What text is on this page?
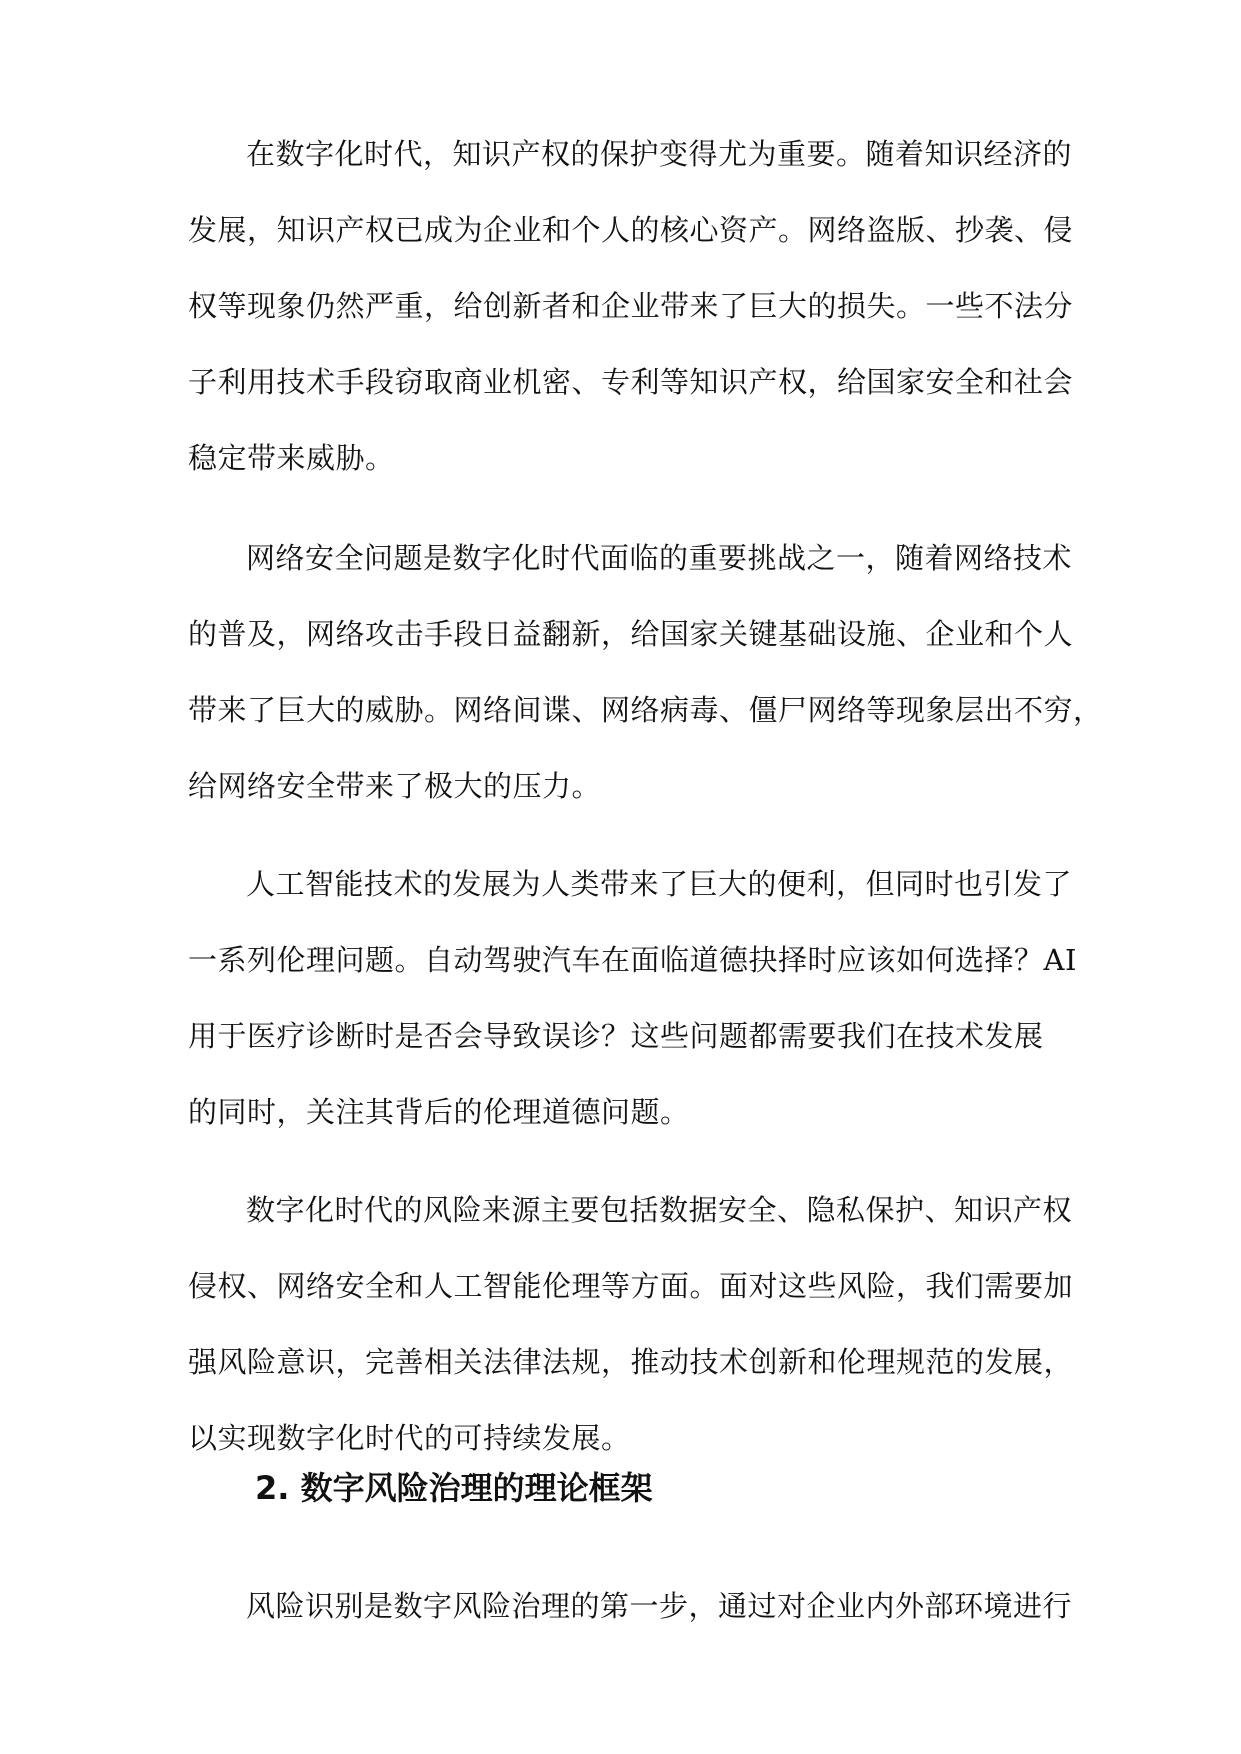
在数字化时代，知识产权的保护变得尤为重要。随着知识经济的
发展，知识产权已成为企业和个人的核心资产。网络盗版、抄袭、侵
权等现象仍然严重，给创新者和企业带来了巨大的损失。一些不法分
子利用技术手段窃取商业机密、专利等知识产权，给国家安全和社会
稳定带来威胁。
网络安全问题是数字化时代面临的重要挑战之一，随着网络技术
的普及，网络攻击手段日益翻新，给国家关键基础设施、企业和个人
带来了巨大的威胁。网络间谍、网络病毒、僵尸网络等现象层出不穷，
给网络安全带来了极大的压力。
人工智能技术的发展为人类带来了巨大的便利，但同时也引发了
一系列伦理问题。自动驾驶汽车在面临道德抉择时应该如何选择？AI
用于医疗诊断时是否会导致误诊？这些问题都需要我们在技术发展
的同时，关注其背后的伦理道德问题。
数字化时代的风险来源主要包括数据安全、隐私保护、知识产权
侵权、网络安全和人工智能伦理等方面。面对这些风险，我们需要加
强风险意识，完善相关法律法规，推动技术创新和伦理规范的发展，
以实现数字化时代的可持续发展。
2. 数字风险治理的理论框架
风险识别是数字风险治理的第一步，通过对企业内外部环境进行
